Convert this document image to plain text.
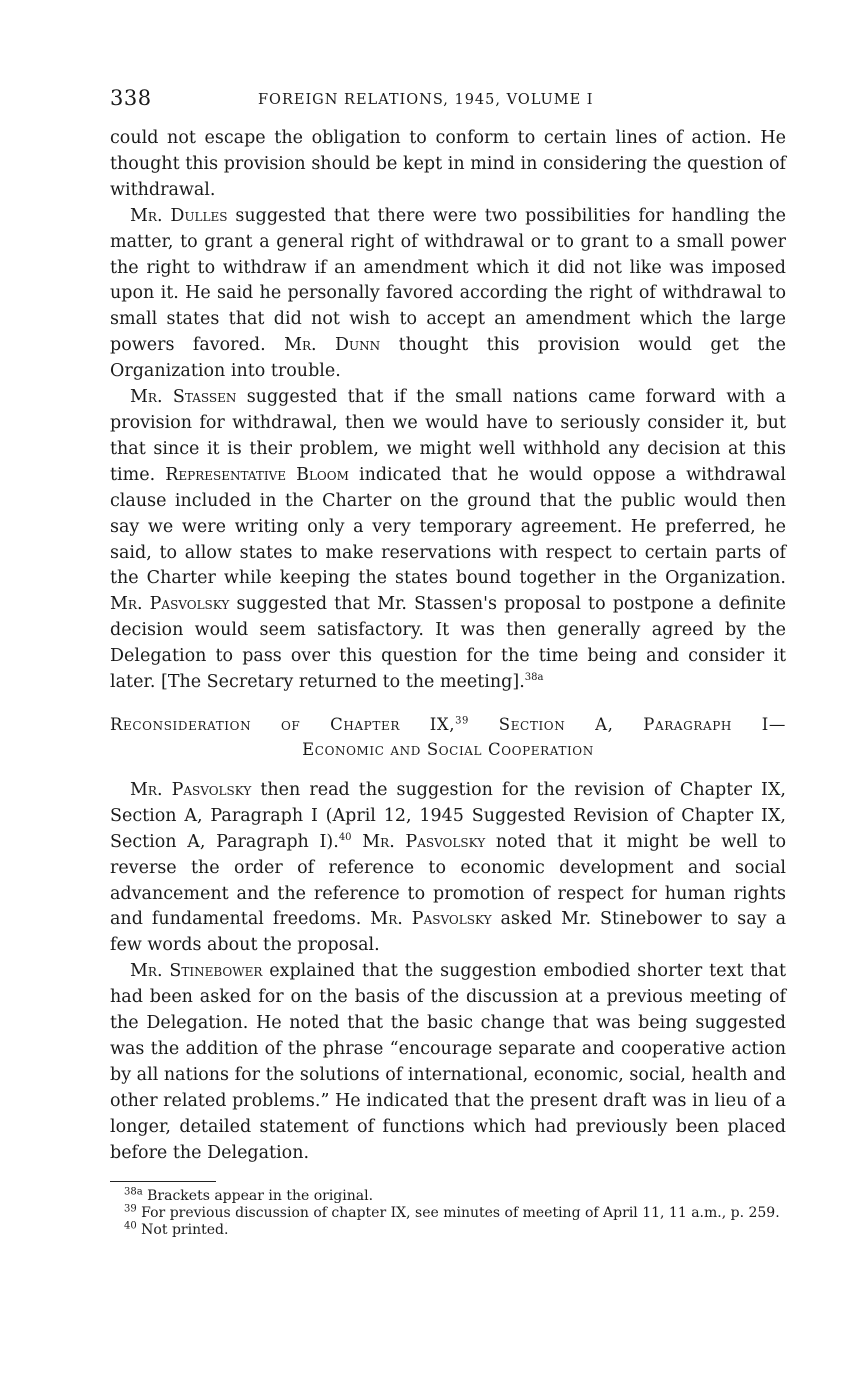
338	FOREIGN RELATIONS, 1945, VOLUME I

could not escape the obligation to conform to certain lines of action. He thought this provision should be kept in mind in considering the question of withdrawal.

Mr. Dulles suggested that there were two possibilities for handling the matter, to grant a general right of withdrawal or to grant to a small power the right to withdraw if an amendment which it did not like was imposed upon it. He said he personally favored according the right of withdrawal to small states that did not wish to accept an amendment which the large powers favored. Mr. Dunn thought this provision would get the Organization into trouble.

Mr. Stassen suggested that if the small nations came forward with a provision for withdrawal, then we would have to seriously consider it, but that since it is their problem, we might well withhold any decision at this time. Representative Bloom indicated that he would oppose a withdrawal clause included in the Charter on the ground that the public would then say we were writing only a very temporary agreement. He preferred, he said, to allow states to make reservations with respect to certain parts of the Charter while keeping the states bound together in the Organization. Mr. Pasvolsky suggested that Mr. Stassen's proposal to postpone a definite decision would seem satisfactory. It was then generally agreed by the Delegation to pass over this question for the time being and consider it later. [The Secretary returned to the meeting].$^{38a}$

Reconsideration of Chapter IX,$^{39}$ Section A, Paragraph I—
Economic and Social Cooperation

Mr. Pasvolsky then read the suggestion for the revision of Chapter IX, Section A, Paragraph I (April 12, 1945 Suggested Revision of Chapter IX, Section A, Paragraph I).$^{40}$ Mr. Pasvolsky noted that it might be well to reverse the order of reference to economic development and social advancement and the reference to promotion of respect for human rights and fundamental freedoms. Mr. Pasvolsky asked Mr. Stinebower to say a few words about the proposal.

Mr. Stinebower explained that the suggestion embodied shorter text that had been asked for on the basis of the discussion at a previous meeting of the Delegation. He noted that the basic change that was being suggested was the addition of the phrase “encourage separate and cooperative action by all nations for the solutions of international, economic, social, health and other related problems.” He indicated that the present draft was in lieu of a longer, detailed statement of functions which had previously been placed before the Delegation.

$^{38a}$ Brackets appear in the original.

$^{39}$ For previous discussion of chapter IX, see minutes of meeting of April 11, 11 a.m., p. 259.

$^{40}$ Not printed.
